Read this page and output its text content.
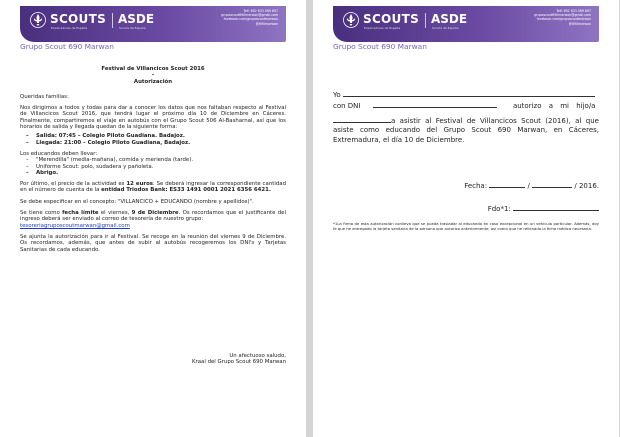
SCOUTS
Exploradores de España
ASDE
Scouts de España
Telf: 692 633 069 697
gruposcout690marwan@gmail.com
facebook.com/gruposcoutmarwan
@690marwan
Grupo Scout 690 Marwan
Festival de Villancicos Scout 2016
-
Autorización
Queridas familias:
Nos dirigimos a todos y todas para dar a conocer los datos que nos faltaban respecto al Festival de Villancicos Scout 2016, que tendrá lugar el próximo día 10 de Diciembre en Cáceres. Finalmente, compartiremos el viaje en autobús con el Grupo Scout 506 Al-Basharnal, así que los horarios de salida y llegada quedan de la siguiente forma:
– Salida: 07:45 – Colegio Piloto Guadiana. Badajoz.
– Llegada: 21:00 – Colegio Piloto Guadiana, Badajoz.
Los educandos deben llevar:
– "Merendilla" (media-mañana), comida y merienda (tarde).
– Uniforme Scout: polo, sudadera y pañoleta.
– Abrigo.
Por último, el precio de la actividad es 12 euros. Se deberá ingresar la correspondiente cantidad en el número de cuenta de la entidad Triodos Bank: ES33 1491 0001 2021 6356 6421.
Se debe especificar en el concepto: "VILLANCICO + EDUCANDO (nombre y apellidos)".
Se tiene como fecha límite el viernes, 9 de Diciembre. Os recordamos que el justificante del ingreso deberá ser enviado al correo de tesorería de nuestro grupo:
tesoreriagruposcoutmarwan@gmail.com
Se ajunta la autorización para ir al Festival. Se recoge en la reunión del viernes 9 de Diciembre. Os recordamos, además, que antes de subir al autobús recogeremos los DNI's y Tarjetas Sanitarias de cada educando.
Un afectuoso saludo,
Kraal del Grupo Scout 690 Marwan
SCOUTS
Exploradores de España
ASDE
Scouts de España
Telf: 692 633 069 697
gruposcout690marwan@gmail.com
facebook.com/gruposcoutmarwan
@690marwan
Grupo Scout 690 Marwan
Yo
con DNI	autorizo a mi hijo/a
a asistir al Festival de Villancicos Scout (2016), al que asiste como educando del Grupo Scout 690 Marwan, en Cáceres, Extremadura, el día 10 de Diciembre.
Fecha:	/	/ 2016.
Fdo*1:
*1La firma de esta autorización conlleva que se pueda trasladar al educando en caso excepcional en un vehículo particular. Además, doy fe que he entregado la tarjeta sanitaria de la persona que autorizo anteriormente, así como que he rellenado la ficha médica necesaria.
